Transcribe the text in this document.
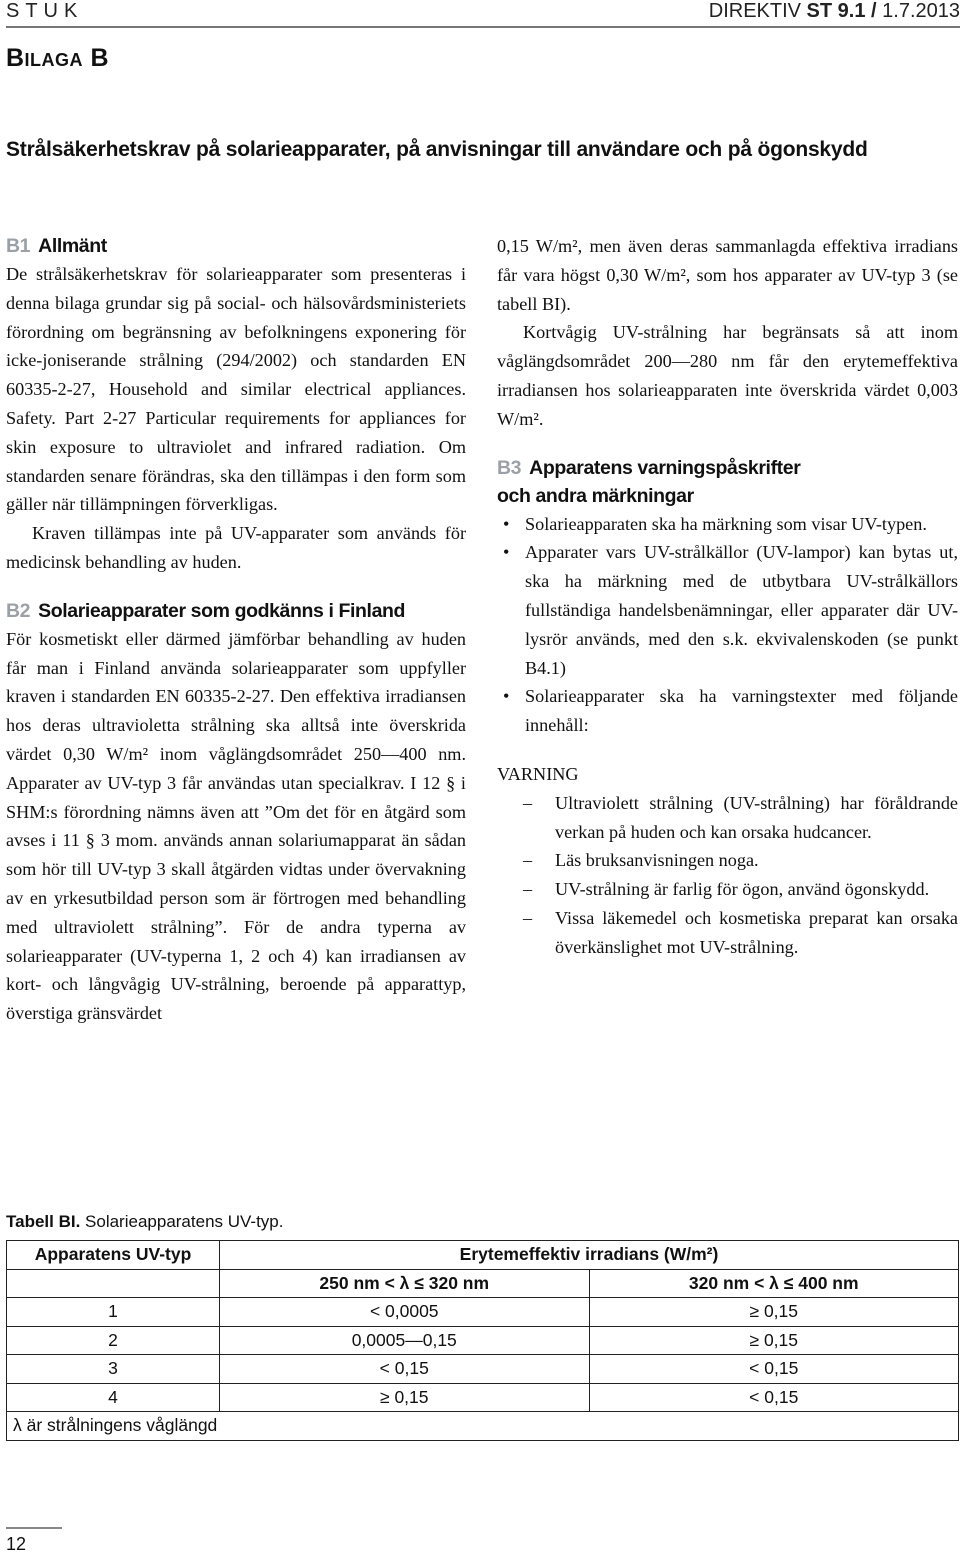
STUK	DIREKTIV ST 9.1 / 1.7.2013
Bilaga B
Strålsäkerhetskrav på solarieapparater, på anvisningar till användare och på ögonskydd
B1 Allmänt

De strålsäkerhetskrav för solarieapparater som presenteras i denna bilaga grundar sig på social- och hälsovårdsministeriets förordning om begränsning av befolkningens exponering för icke-joniserande strålning (294/2002) och standarden EN 60335-2-27, Household and similar electrical appliances. Safety. Part 2-27 Particular requirements for appliances for skin exposure to ultraviolet and infrared radiation. Om standarden senare förändras, ska den tillämpas i den form som gäller när tillämpningen förverkligas.

Kraven tillämpas inte på UV-apparater som används för medicinsk behandling av huden.

B2 Solarieapparater som godkänns i Finland

För kosmetiskt eller därmed jämförbar behandling av huden får man i Finland använda solarieapparater som uppfyller kraven i standarden EN 60335-2-27. Den effektiva irradiansen hos deras ultravioletta strålning ska alltså inte överskrida värdet 0,30 W/m² inom våglängdsområdet 250—400 nm. Apparater av UV-typ 3 får användas utan specialkrav. I 12 § i SHM:s förordning nämns även att ”Om det för en åtgärd som avses i 11 § 3 mom. används annan solariumapparat än sådan som hör till UV-typ 3 skall åtgärden vidtas under övervakning av en yrkesutbildad person som är förtrogen med behandling med ultraviolett strålning”. För de andra typerna av solarieapparater (UV-typerna 1, 2 och 4) kan irradiansen av kort- och långvågig UV-strålning, beroende på apparattyp, överstiga gränsvärdet

0,15 W/m², men även deras sammanlagda effektiva irradians får vara högst 0,30 W/m², som hos apparater av UV-typ 3 (se tabell BI).

Kortvågig UV-strålning har begränsats så att inom våglängdsområdet 200—280 nm får den erytemeffektiva irradiansen hos solarieapparaten inte överskrida värdet 0,003 W/m².

B3 Apparatens varningspåskrifter
och andra märkningar
• Solarieapparaten ska ha märkning som visar UV-typen.
• Apparater vars UV-strålkällor (UV-lampor) kan bytas ut, ska ha märkning med de utbytbara UV-strålkällors fullständiga handelsbenämningar, eller apparater där UV-lysrör används, med den s.k. ekvivalenskoden (se punkt B4.1)
• Solarieapparater ska ha varningstexter med följande innehåll:

VARNING

– Ultraviolett strålning (UV-strålning) har föråldrande verkan på huden och kan orsaka hudcancer.
– Läs bruksanvisningen noga.
– UV-strålning är farlig för ögon, använd ögonskydd.
– Vissa läkemedel och kosmetiska preparat kan orsaka överkänslighet mot UV-strålning.
Tabell BI. Solarieapparatens UV-typ.
Apparatens UV-typ	Erytemeffektiv irradians (W/m²)	
	250 nm < λ ≤ 320 nm	320 nm < λ ≤ 400 nm
1	< 0,0005	≥ 0,15
2	0,0005—0,15	≥ 0,15
3	< 0,15	< 0,15
4	≥ 0,15	< 0,15
λ är strålningens våglängd		
12
